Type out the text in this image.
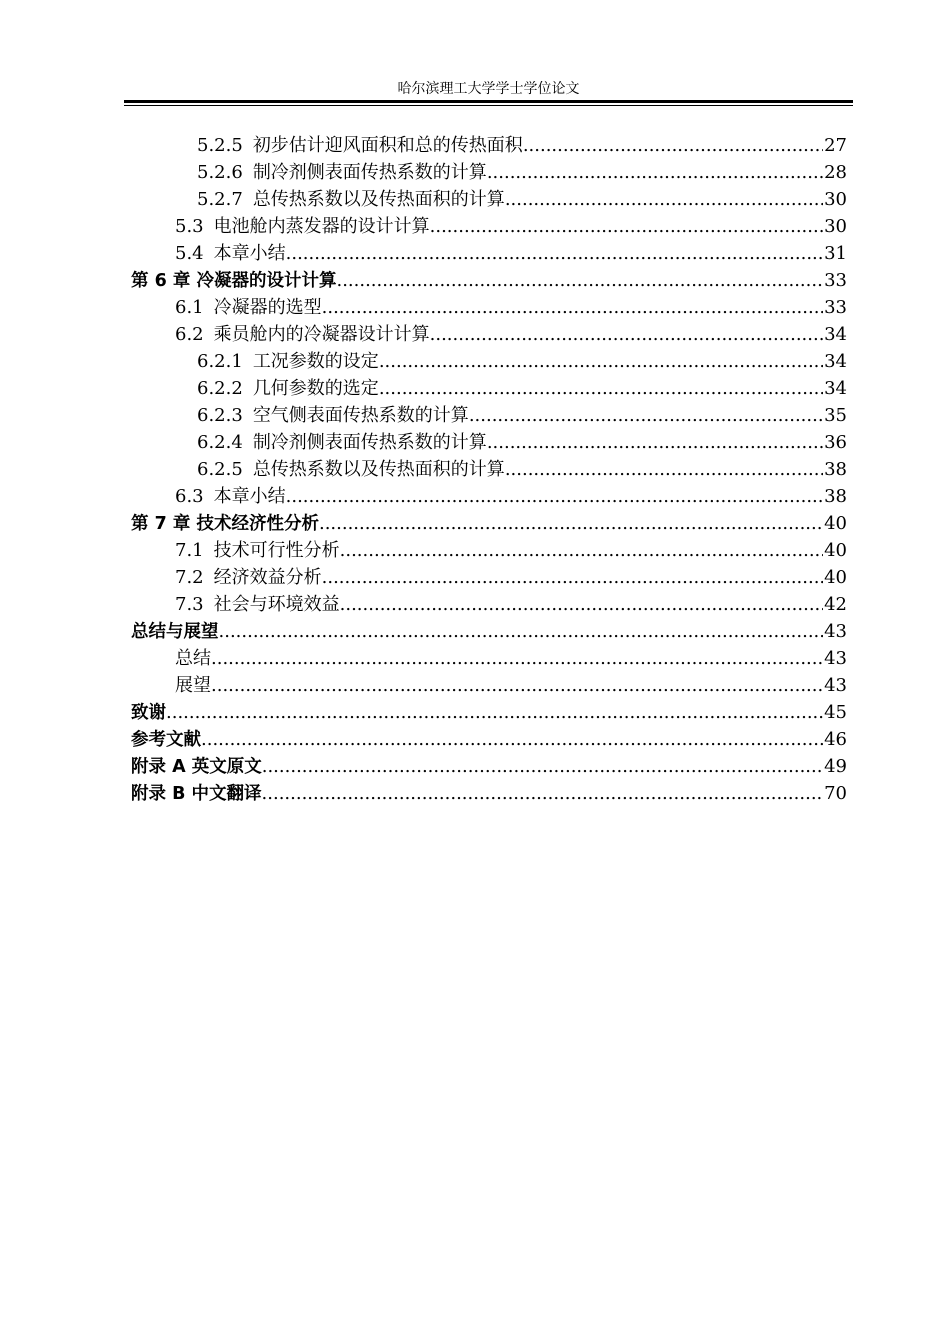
哈尔滨理工大学学士学位论文
5.2.5 初步估计迎风面积和总的传热面积 .....	27
5.2.6 制冷剂侧表面传热系数的计算 .....	28
5.2.7 总传热系数以及传热面积的计算 .....	30
5.3 电池舱内蒸发器的设计计算 .....	30
5.4 本章小结 .....	31
第 6 章 冷凝器的设计计算 .....	33
6.1 冷凝器的选型 .....	33
6.2 乘员舱内的冷凝器设计计算 .....	34
6.2.1 工况参数的设定 .....	34
6.2.2 几何参数的选定 .....	34
6.2.3 空气侧表面传热系数的计算 .....	35
6.2.4 制冷剂侧表面传热系数的计算 .....	36
6.2.5 总传热系数以及传热面积的计算 .....	38
6.3 本章小结 .....	38
第 7 章 技术经济性分析 .....	40
7.1 技术可行性分析 .....	40
7.2 经济效益分析 .....	40
7.3 社会与环境效益 .....	42
总结与展望 .....	43
总结 .....	43
展望 .....	43
致谢 .....	45
参考文献 .....	46
附录 A 英文原文 .....	49
附录 B 中文翻译 .....	70
